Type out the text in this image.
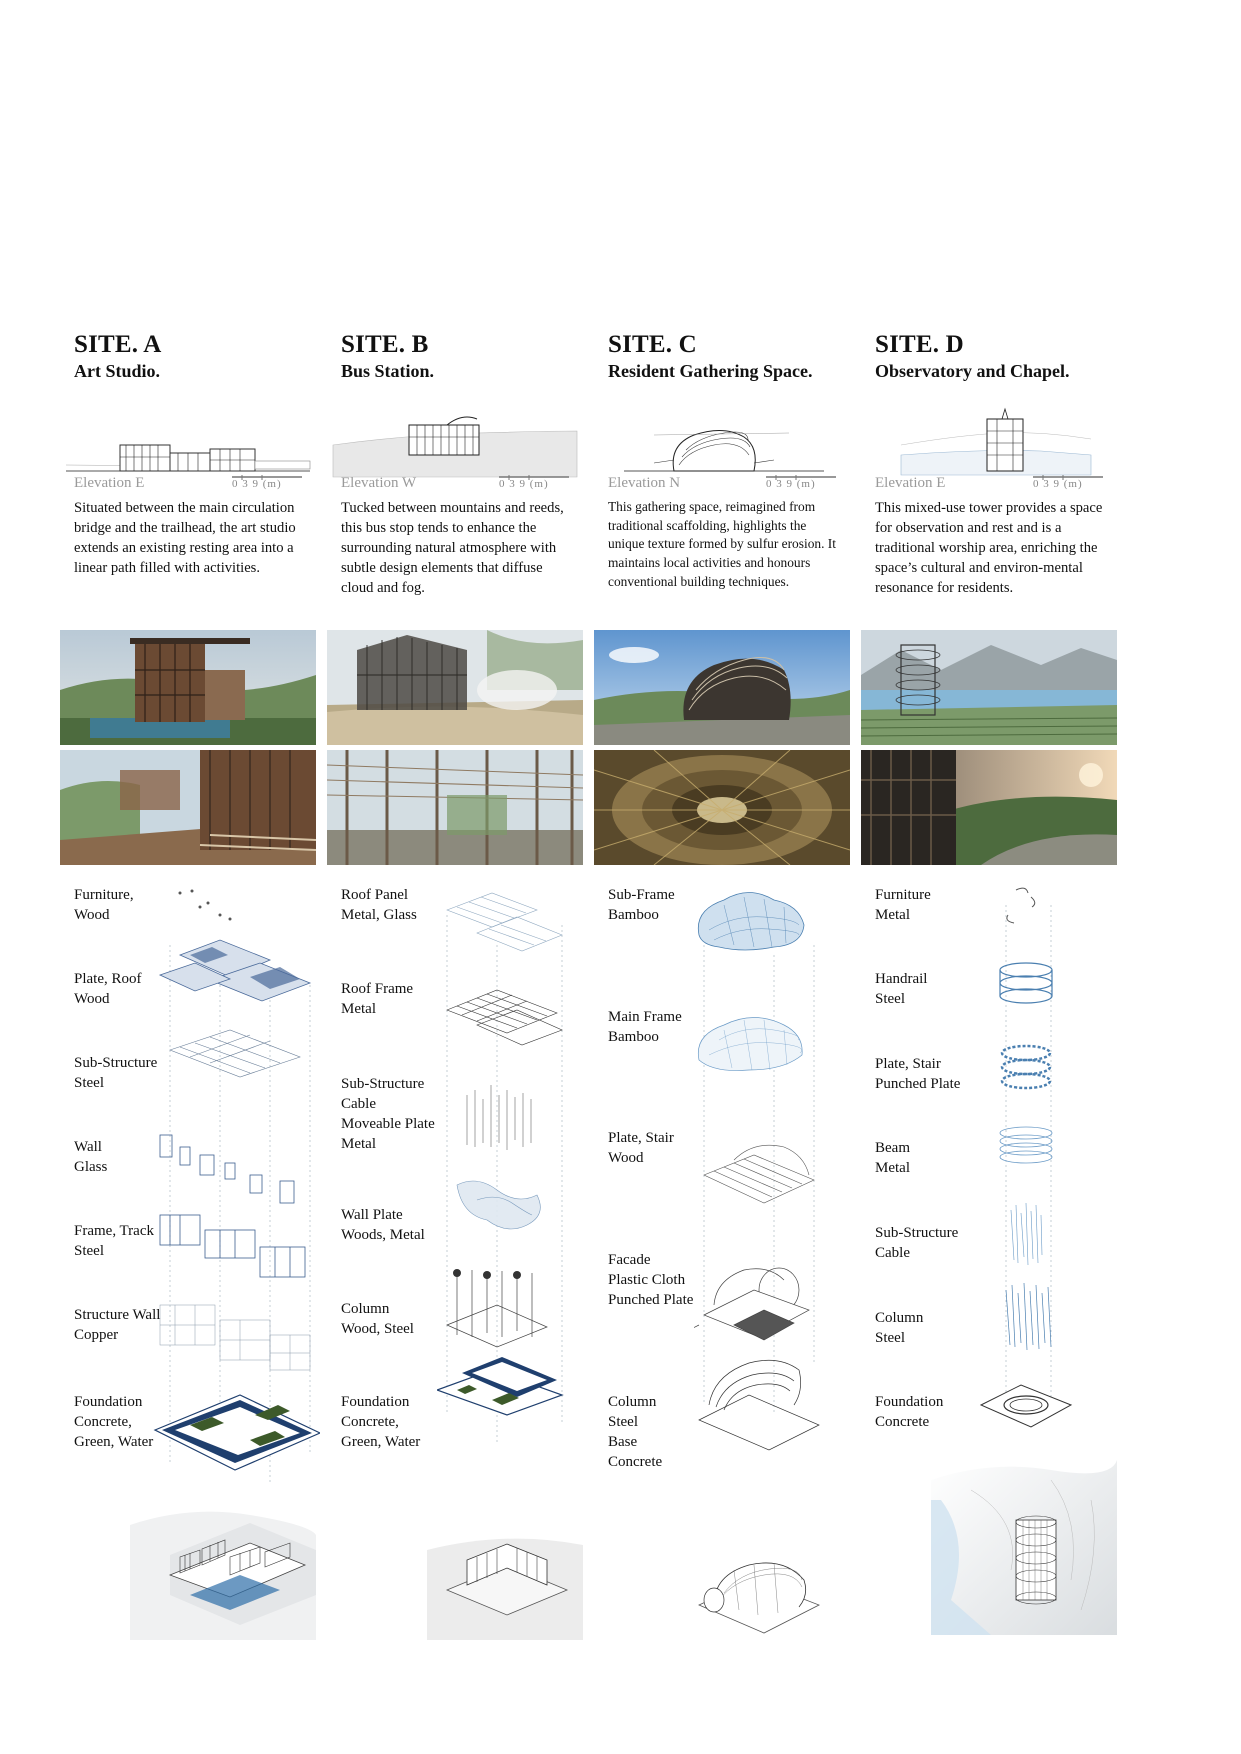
SITE. A
Art Studio.
Elevation E	0 3 9 (m)

Situated between the main circulation bridge and the trailhead, the art studio extends an existing resting area into a linear path filled with activities.

Furniture,
Wood
Plate, Roof
Wood
Sub-Structure
Steel
Wall
Glass
Frame, Track
Steel
Structure Wall
Copper
Foundation
Concrete,
Green, Water
SITE. B
Bus Station.
Elevation W	0 3 9 (m)

Tucked between mountains and reeds, this bus stop tends to enhance the surrounding natural atmosphere with subtle design elements that diffuse cloud and fog.

Roof Panel
Metal, Glass
Roof Frame
Metal
Sub-Structure
Cable
Moveable Plate
Metal
Wall Plate
Woods, Metal
Column
Wood, Steel
Foundation
Concrete,
Green, Water
SITE. C
Resident Gathering Space.
Elevation N	0 3 9 (m)

This gathering space, reimagined from traditional scaffolding, highlights the unique texture formed by sulfur erosion. It maintains local activities and honours conventional building techniques.

Sub-Frame
Bamboo
Main Frame
Bamboo
Plate, Stair
Wood
Facade
Plastic Cloth
Punched Plate
Column
Steel
Base
Concrete
SITE. D
Observatory and Chapel.
Elevation E	0 3 9 (m)

This mixed-use tower provides a space for observation and rest and is a traditional worship area, enriching the space’s cultural and environ-mental resonance for residents.

Furniture
Metal
Handrail
Steel
Plate, Stair
Punched Plate
Beam
Metal
Sub-Structure
Cable
Column
Steel
Foundation
Concrete
